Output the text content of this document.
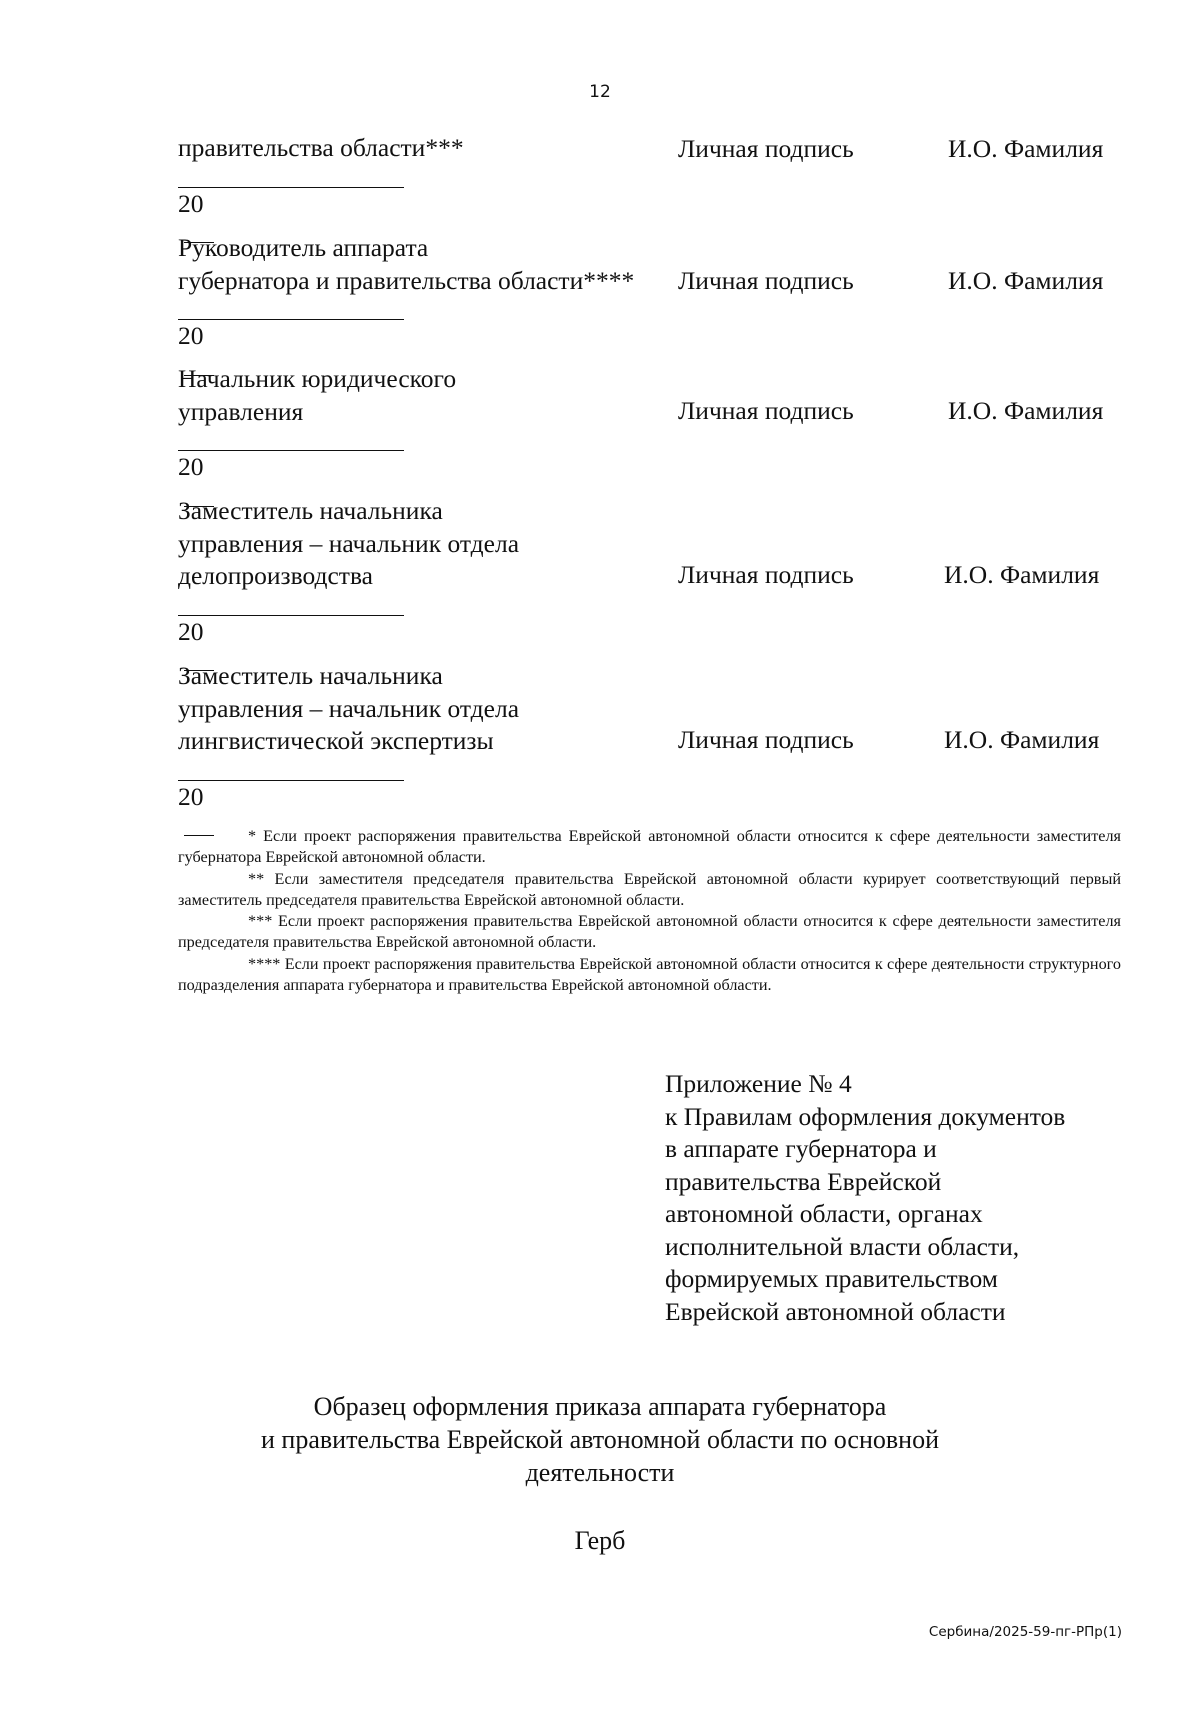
12
правительства области***
20
Личная подпись	И.О. Фамилия
Руководитель аппарата
губернатора и правительства области****
20
Личная подпись	И.О. Фамилия
Начальник юридического
управления
20
Личная подпись	И.О. Фамилия
Заместитель начальника
управления – начальник отдела
делопроизводства
20
Личная подпись	И.О. Фамилия
Заместитель начальника
управления – начальник отдела
лингвистической экспертизы
20
Личная подпись	И.О. Фамилия

* Если проект распоряжения правительства Еврейской автономной области относится к сфере деятельности заместителя губернатора Еврейской автономной области.

** Если заместителя председателя правительства Еврейской автономной области курирует соответствующий первый заместитель председателя правительства Еврейской автономной области.

*** Если проект распоряжения правительства Еврейской автономной области относится к сфере деятельности заместителя председателя правительства Еврейской автономной области.

**** Если проект распоряжения правительства Еврейской автономной области относится к сфере деятельности структурного подразделения аппарата губернатора и правительства Еврейской автономной области.

Приложение № 4
к Правилам оформления документов
в аппарате губернатора и
правительства Еврейской
автономной области, органах
исполнительной власти области,
формируемых правительством
Еврейской автономной области
Образец оформления приказа аппарата губернатора
и правительства Еврейской автономной области по основной
деятельности
Герб
Сербина/2025-59-пг-РПр(1)
